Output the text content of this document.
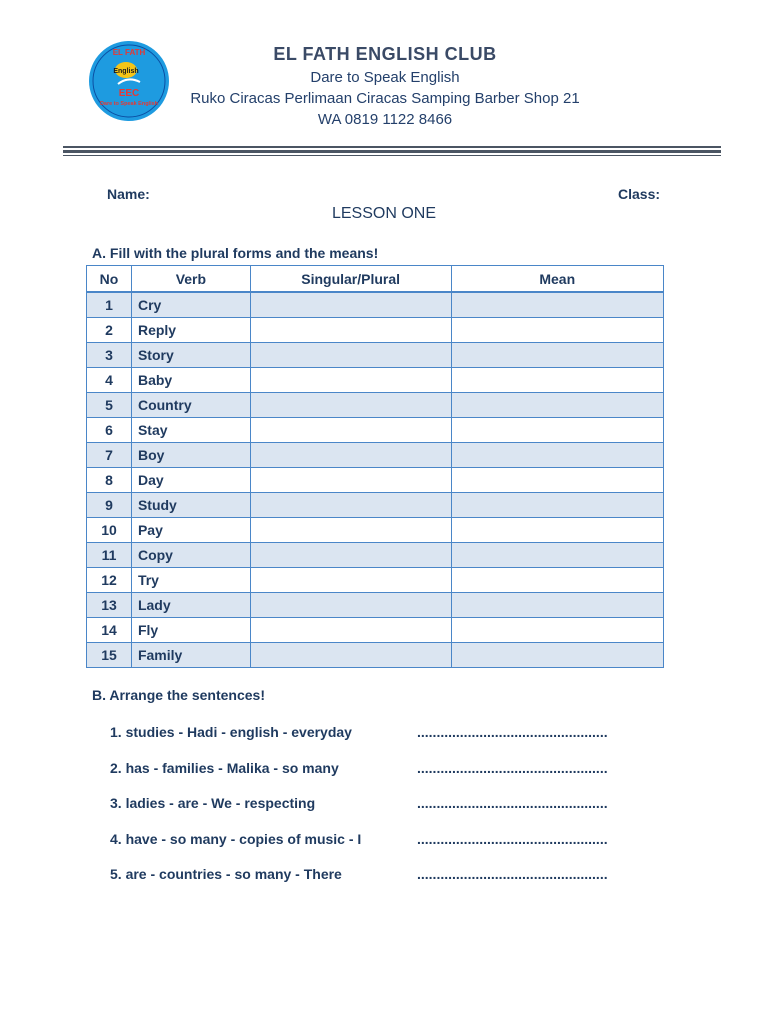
EL FATH
English
EEC
Dare to Speak English
EL FATH ENGLISH CLUB
Dare to Speak English
Ruko Ciracas Perlimaan Ciracas Samping Barber Shop 21
WA 0819 1122 8466
Name:	Class:
LESSON ONE
A. Fill with the plural forms and the means!
No	Verb	Singular/Plural	Mean
1	Cry		
2	Reply		
3	Story		
4	Baby		
5	Country		
6	Stay		
7	Boy		
8	Day		
9	Study		
10	Pay		
11	Copy		
12	Try		
13	Lady		
14	Fly		
15	Family		
B. Arrange the sentences!
1. studies - Hadi - english - everyday	.................................................
2. has - families - Malika - so many	.................................................
3. ladies - are - We - respecting	.................................................
4. have - so many - copies of music - I	.................................................
5. are - countries - so many - There	.................................................
